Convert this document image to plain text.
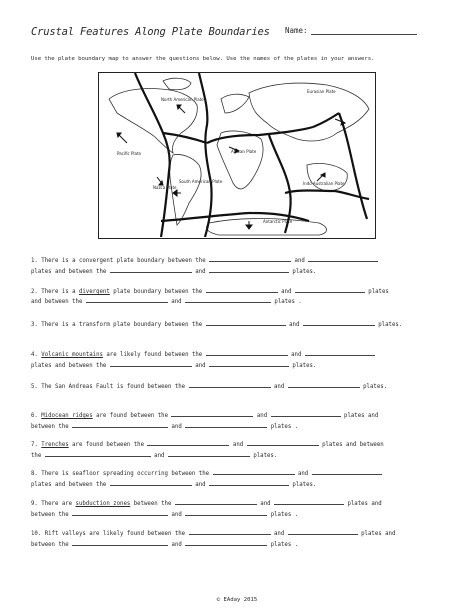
Crustal Features Along Plate Boundaries Name:
Use the plate boundary map to answer the questions below. Use the names of the plates in your answers.
North American Plate
Eurasian Plate
African Plate
Pacific Plate
Nazca Plate
South American Plate	Indo Australian Plate
Antarctic Plate
1. There is a convergent plate boundary between the	and
plates and between the	and	plates.
2. There is a divergent plate boundary between the	and	plates
and between the	and	plates .
3. There is a transform plate boundary between the	and	plates.
4. Volcanic mountains are likely found between the	and
plates and between the	and	plates.
5. The San Andreas Fault is found between the	and	plates.
6. Midocean ridges are found between the	and	plates and
between the	and	plates .
7. Trenches are found between the	and	plates and between
the	and	plates.
8. There is seafloor spreading occurring between the	and
plates and between the	and	plates.
9. There are subduction zones between the	and	plates and
between the	and	plates .
10. Rift valleys are likely found between the	and	plates and
between the	and	plates .
© EAday 2015
